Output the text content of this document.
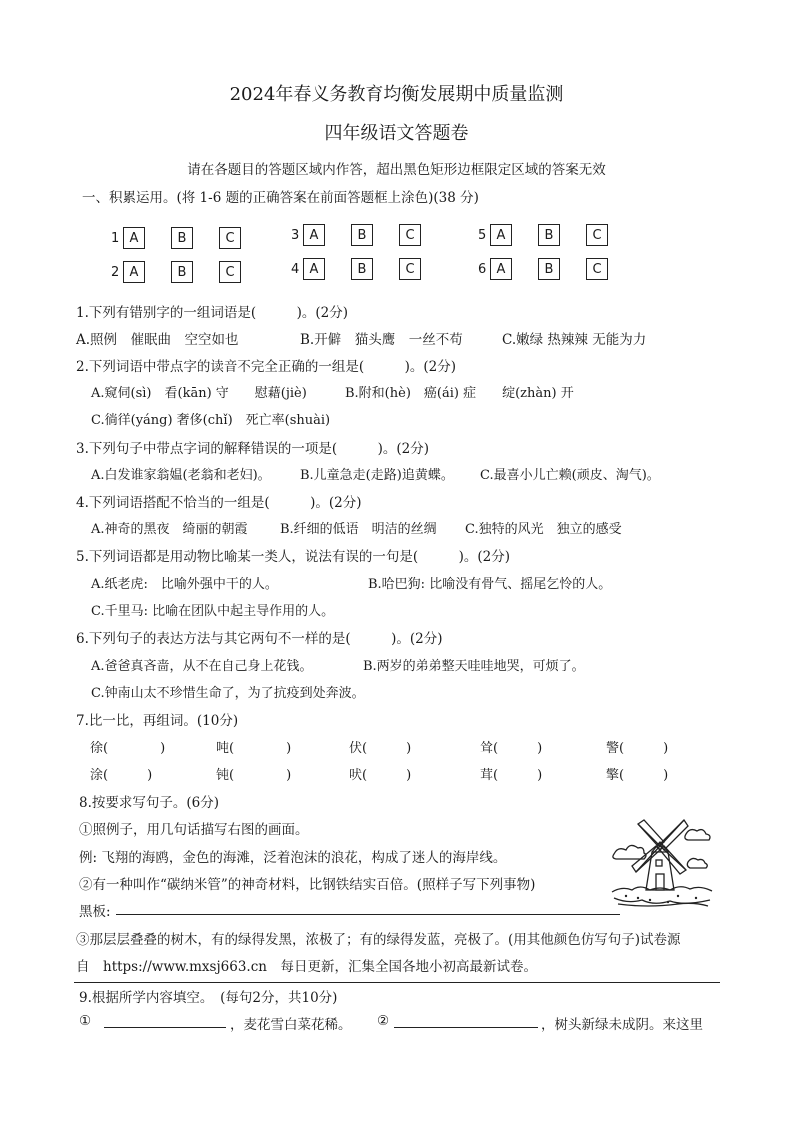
2024年春义务教育均衡发展期中质量监测
四年级语文答题卷
请在各题目的答题区域内作答，超出黑色矩形边框限定区域的答案无效
一、积累运用。(将 1-6 题的正确答案在前面答题框上涂色)(38 分)
1 A	B	C
2 A	B	C
3 A	B	C
4 A	B	C
5 A	B	C
6 A	B	C
1.下列有错别字的一组词语是(　　　)。(2分)
A.照例　催眠曲　空空如也	B.开僻　猫头鹰　一丝不苟	C.嫩绿 热辣辣 无能为力
2.下列词语中带点字的读音不完全正确的一组是(　　　)。(2分)
A.窥伺(sì)　看(kān) 守　　慰藉(jiè)	B.附和(hè)　癌(ái) 症　　绽(zhàn) 开
C.徜徉(yáng) 奢侈(chǐ)　死亡率(shuài)
3.下列句子中带点字词的解释错误的一项是(　　　)。(2分)
A.白发谁家翁媪(老翁和老妇)。 B.儿童急走(走路)追黄蝶。 C.最喜小儿亡赖(顽皮、淘气)。
4.下列词语搭配不恰当的一组是(　　　)。(2分)
A.神奇的黑夜　绮丽的朝霞 B.纤细的低语　明洁的丝绸 C.独特的风光　独立的感受
5.下列词语都是用动物比喻某一类人，说法有误的一句是(　　　)。(2分)
A.纸老虎:　比喻外强中干的人。	B.哈巴狗: 比喻没有骨气、摇尾乞怜的人。
C.千里马: 比喻在团队中起主导作用的人。
6.下列句子的表达方法与其它两句不一样的是(　　　)。(2分)
A.爸爸真吝啬，从不在自己身上花钱。	B.两岁的弟弟整天哇哇地哭，可烦了。
C.钟南山太不珍惜生命了，为了抗疫到处奔波。
7.比一比，再组词。(10分)
徐(　　　　)	吨(　　　　)	伏(　　　)	耸(　　　)	警(　　　)
涂(　　　)	钝(　　　　)	吠(　　　)	茸(　　　)	擎(　　　)
8.按要求写句子。(6分)
①照例子，用几句话描写右图的画面。
例: 飞翔的海鸥，金色的海滩，泛着泡沫的浪花，构成了迷人的海岸线。
②有一种叫作“碳纳米管”的神奇材料，比钢铁结实百倍。(照样子写下列事物)
黑板:
③那层层叠叠的树木，有的绿得发黑，浓极了；有的绿得发蓝，亮极了。(用其他颜色仿写句子)试卷源
自　https://www.mxsj663.cn　每日更新，汇集全国各地小初高最新试卷。
9.根据所学内容填空。　(每句2分，共10分)
①	，麦花雪白菜花稀。 ②	，树头新绿未成阴。来这里
